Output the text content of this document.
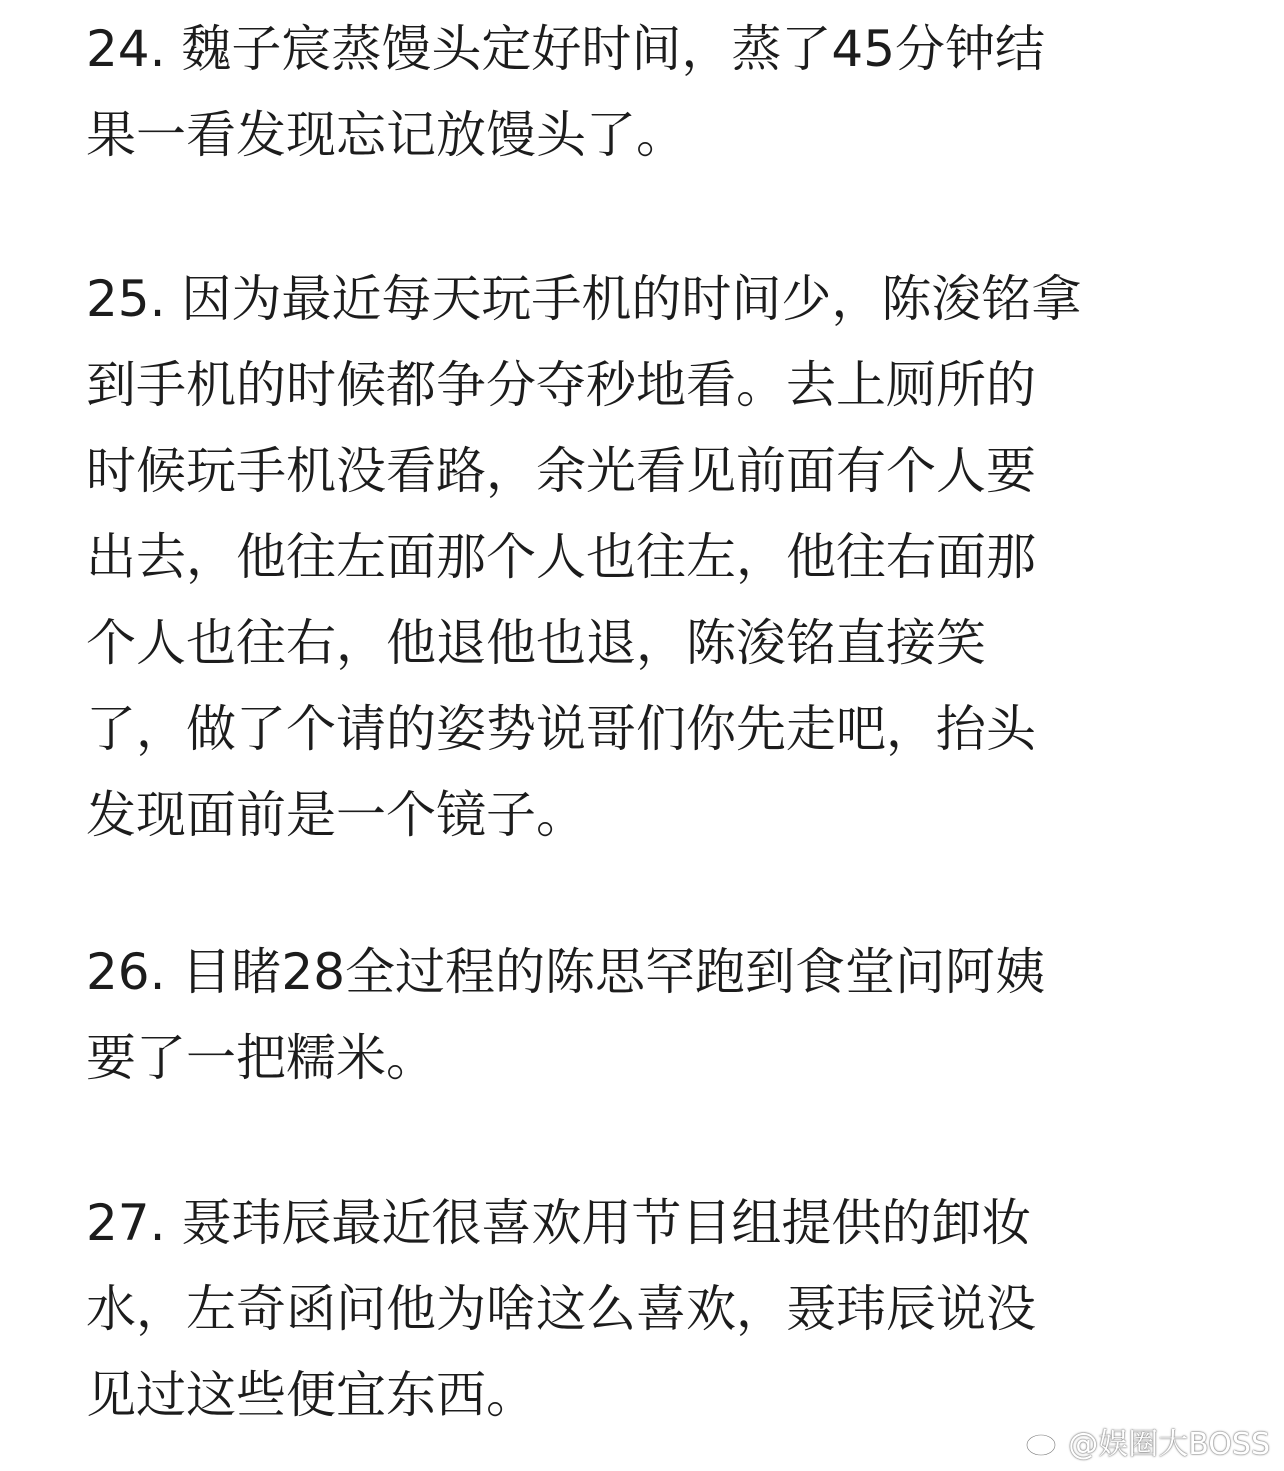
24. 魏子宸蒸馒头定好时间，蒸了45分钟结
果一看发现忘记放馒头了。
25. 因为最近每天玩手机的时间少，陈浚铭拿
到手机的时候都争分夺秒地看。去上厕所的
时候玩手机没看路，余光看见前面有个人要
出去，他往左面那个人也往左，他往右面那
个人也往右，他退他也退，陈浚铭直接笑
了，做了个请的姿势说哥们你先走吧，抬头
发现面前是一个镜子。
26. 目睹28全过程的陈思罕跑到食堂问阿姨
要了一把糯米。
27. 聂玮辰最近很喜欢用节目组提供的卸妆
水，左奇函问他为啥这么喜欢，聂玮辰说没
见过这些便宜东西。
@娱圈大BOSS
